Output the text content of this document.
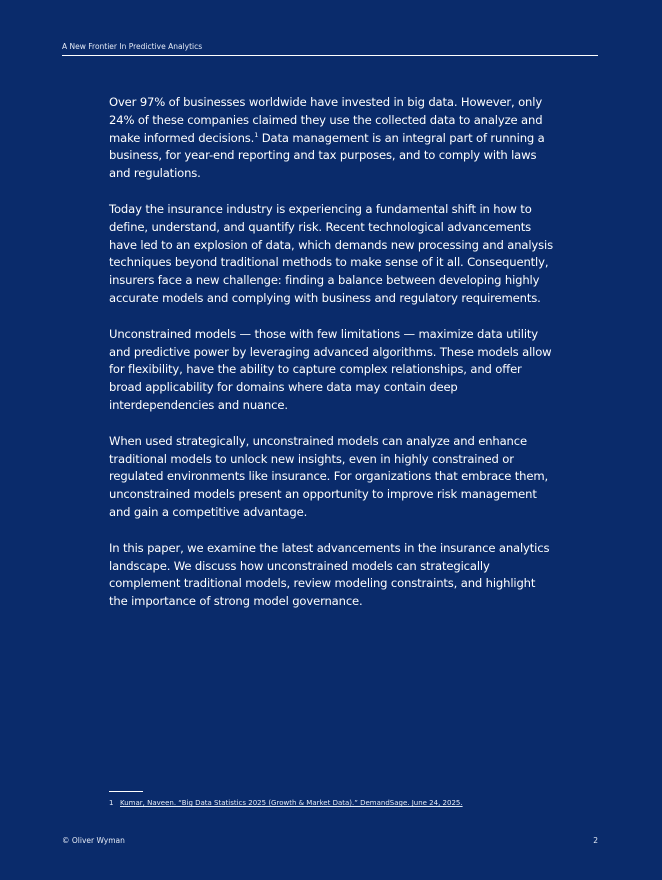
A New Frontier In Predictive Analytics

Over 97% of businesses worldwide have invested in big data. However, only 24% of these companies claimed they use the collected data to analyze and make informed decisions.$^1$ Data management is an integral part of running a business, for year-end reporting and tax purposes, and to comply with laws and regulations.

Today the insurance industry is experiencing a fundamental shift in how to define, understand, and quantify risk. Recent technological advancements have led to an explosion of data, which demands new processing and analysis techniques beyond traditional methods to make sense of it all. Consequently, insurers face a new challenge: finding a balance between developing highly accurate models and complying with business and regulatory requirements.

Unconstrained models — those with few limitations — maximize data utility and predictive power by leveraging advanced algorithms. These models allow for flexibility, have the ability to capture complex relationships, and offer broad applicability for domains where data may contain deep interdependencies and nuance.

When used strategically, unconstrained models can analyze and enhance traditional models to unlock new insights, even in highly constrained or regulated environments like insurance. For organizations that embrace them, unconstrained models present an opportunity to improve risk management and gain a competitive advantage.

In this paper, we examine the latest advancements in the insurance analytics landscape. We discuss how unconstrained models can strategically complement traditional models, review modeling constraints, and highlight the importance of strong model governance.

1 Kumar, Naveen. “Big Data Statistics 2025 (Growth & Market Data).” DemandSage. June 24, 2025.
© Oliver Wyman	2
